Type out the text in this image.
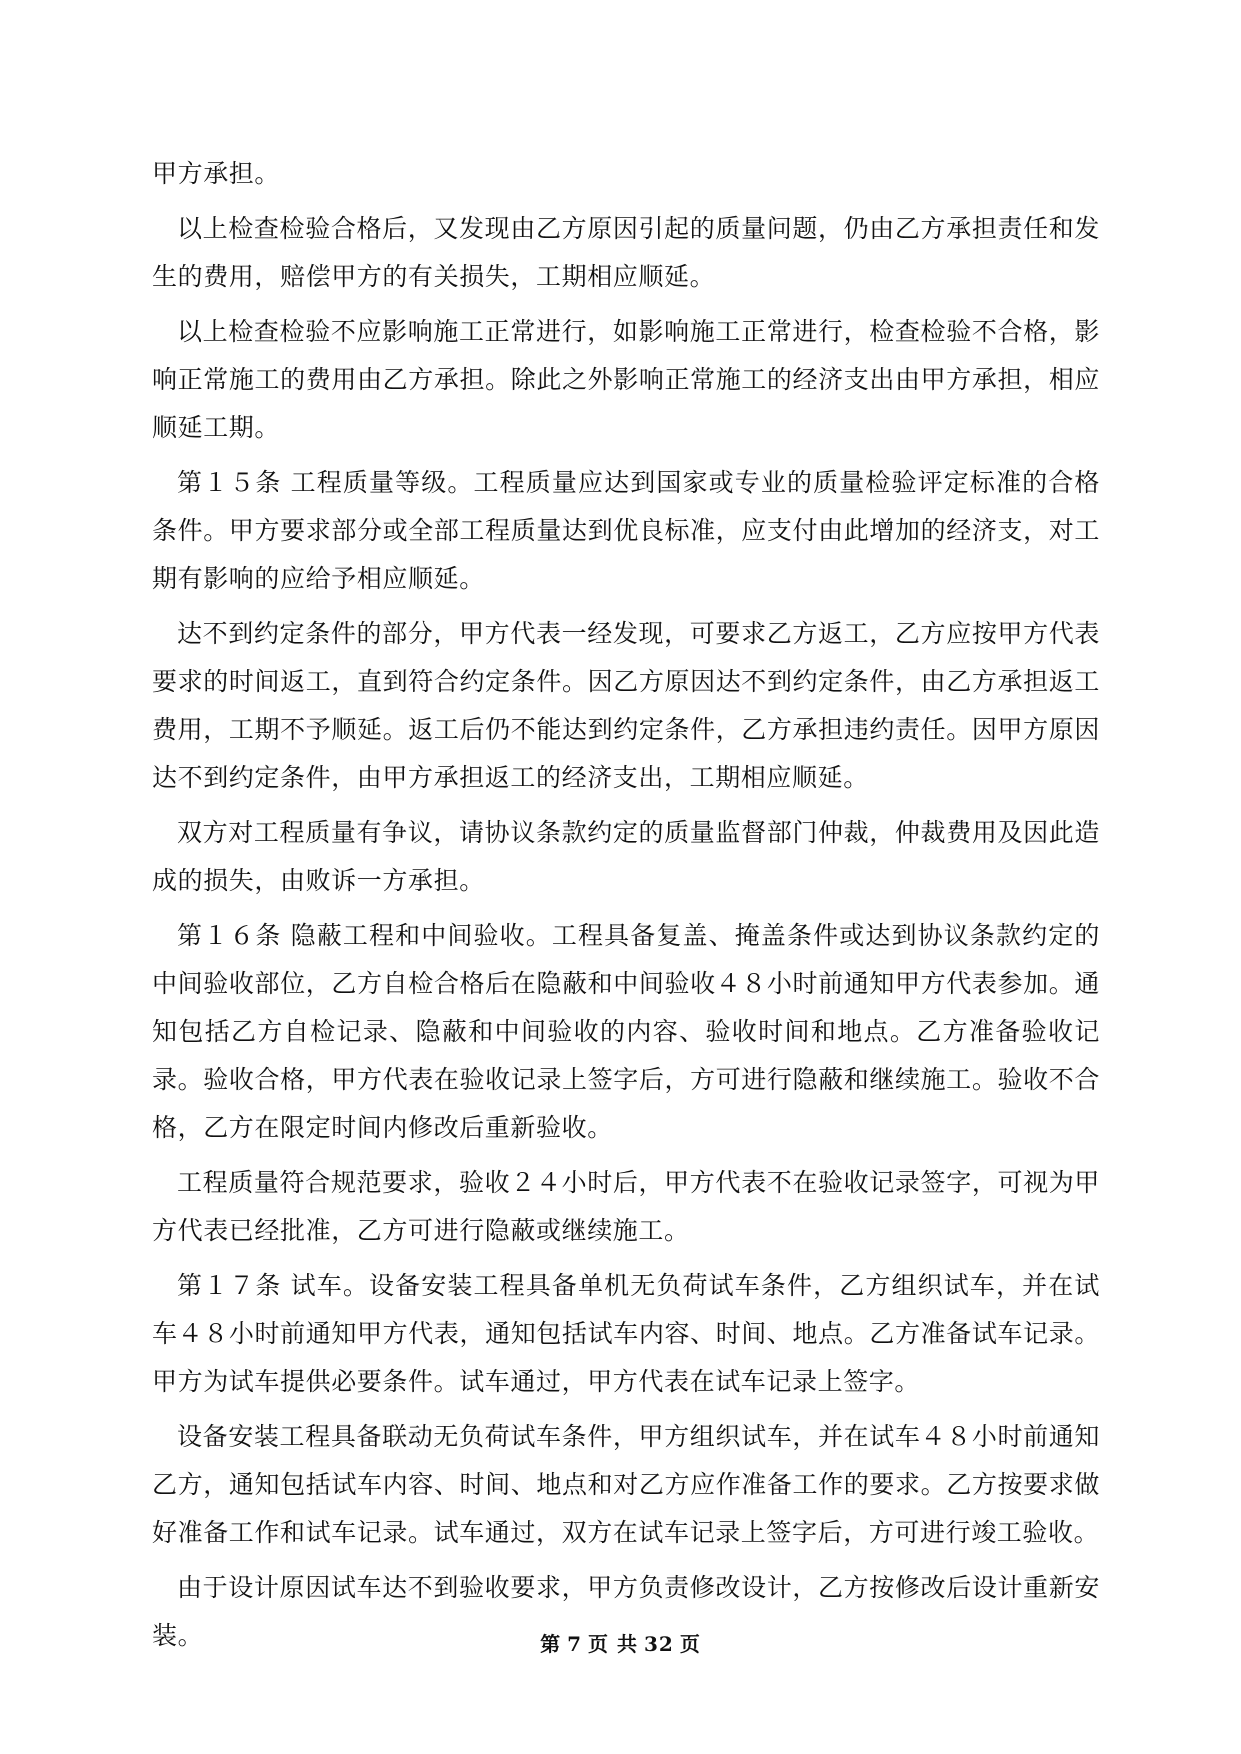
甲方承担。

以上检查检验合格后，又发现由乙方原因引起的质量问题，仍由乙方承担责任和发生的费用，赔偿甲方的有关损失，工期相应顺延。

以上检查检验不应影响施工正常进行，如影响施工正常进行，检查检验不合格，影响正常施工的费用由乙方承担。除此之外影响正常施工的经济支出由甲方承担，相应顺延工期。

第１５条 工程质量等级。工程质量应达到国家或专业的质量检验评定标准的合格条件。甲方要求部分或全部工程质量达到优良标准，应支付由此增加的经济支，对工期有影响的应给予相应顺延。

达不到约定条件的部分，甲方代表一经发现，可要求乙方返工，乙方应按甲方代表要求的时间返工，直到符合约定条件。因乙方原因达不到约定条件，由乙方承担返工费用，工期不予顺延。返工后仍不能达到约定条件，乙方承担违约责任。因甲方原因达不到约定条件，由甲方承担返工的经济支出，工期相应顺延。

双方对工程质量有争议，请协议条款约定的质量监督部门仲裁，仲裁费用及因此造成的损失，由败诉一方承担。

第１６条 隐蔽工程和中间验收。工程具备复盖、掩盖条件或达到协议条款约定的中间验收部位，乙方自检合格后在隐蔽和中间验收４８小时前通知甲方代表参加。通知包括乙方自检记录、隐蔽和中间验收的内容、验收时间和地点。乙方准备验收记录。验收合格，甲方代表在验收记录上签字后，方可进行隐蔽和继续施工。验收不合格，乙方在限定时间内修改后重新验收。

工程质量符合规范要求，验收２４小时后，甲方代表不在验收记录签字，可视为甲方代表已经批准，乙方可进行隐蔽或继续施工。

第１７条 试车。设备安装工程具备单机无负荷试车条件，乙方组织试车，并在试车４８小时前通知甲方代表，通知包括试车内容、时间、地点。乙方准备试车记录。甲方为试车提供必要条件。试车通过，甲方代表在试车记录上签字。

设备安装工程具备联动无负荷试车条件，甲方组织试车，并在试车４８小时前通知乙方，通知包括试车内容、时间、地点和对乙方应作准备工作的要求。乙方按要求做好准备工作和试车记录。试车通过，双方在试车记录上签字后，方可进行竣工验收。

由于设计原因试车达不到验收要求，甲方负责修改设计，乙方按修改后设计重新安装。	第 7 页 共 32 页
